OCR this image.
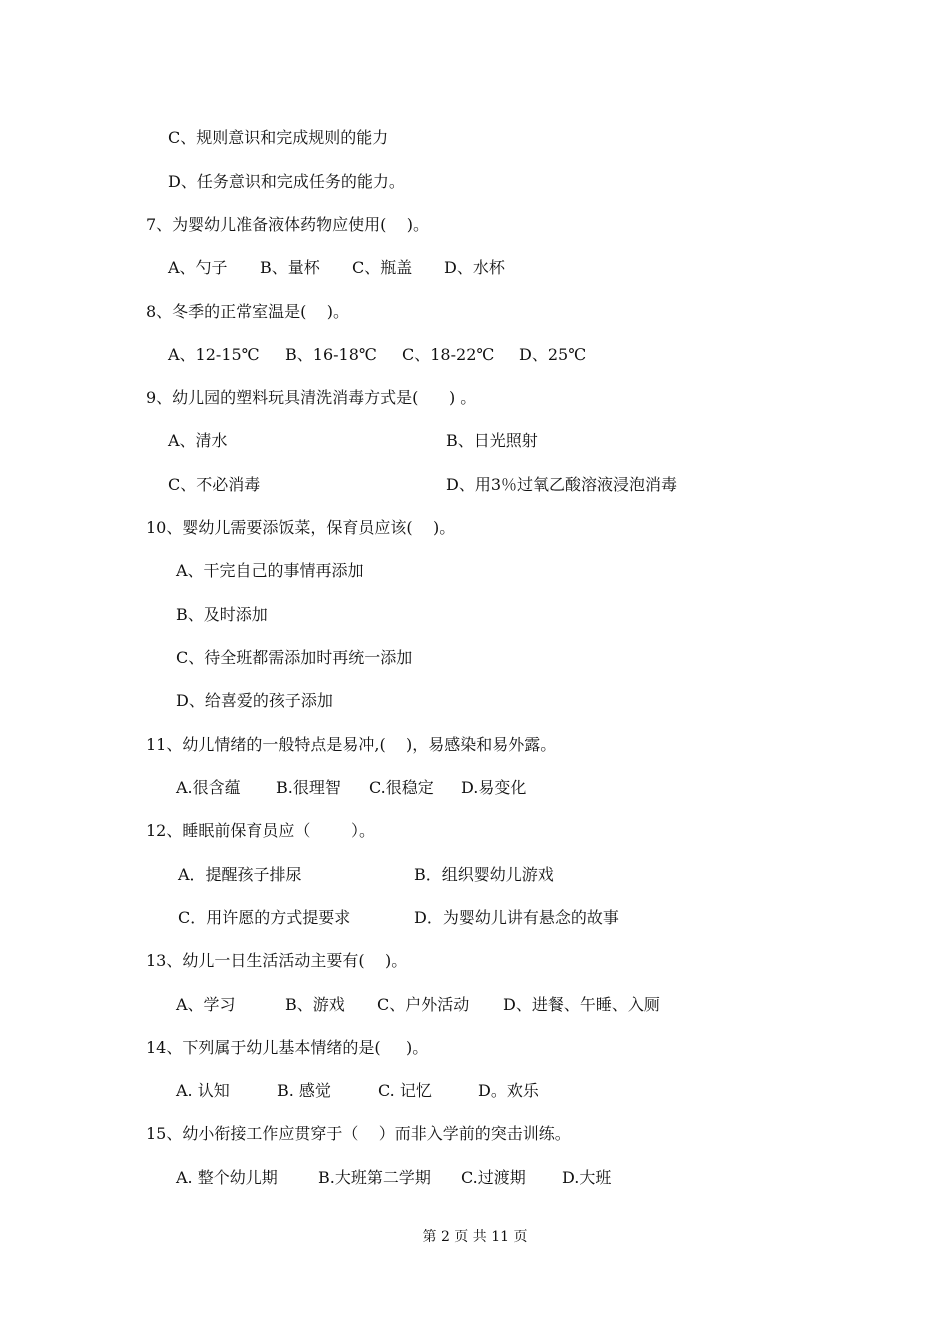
C、规则意识和完成规则的能力
D、任务意识和完成任务的能力。
7、为婴幼儿准备液体药物应使用(    )。

A、勺子

B、量杯

C、瓶盖

D、水杯

8、冬季的正常室温是(    )。

A、12-15℃

B、16-18℃

C、18-22℃

D、25℃

9、幼儿园的塑料玩具清洗消毒方式是(      ) 。
A、清水	B、日光照射
C、不必消毒	D、用3％过氧乙酸溶液浸泡消毒
10、婴幼儿需要添饭菜，保育员应该(    )。
A、干完自己的事情再添加
B、及时添加
C、待全班都需添加时再统一添加
D、给喜爱的孩子添加
11、幼儿情绪的一般特点是易冲,(    )，易感染和易外露。

A.很含蕴

B.很理智

C.很稳定

D.易变化

12、睡眠前保育员应（        ）。
A．提醒孩子排尿	B．组织婴幼儿游戏
C．用许愿的方式提要求	D．为婴幼儿讲有悬念的故事
13、幼儿一日生活活动主要有(    )。

A、学习

	B、游戏

C、户外活动

D、进餐、午睡、入厕

14、下列属于幼儿基本情绪的是(     )。

A. 认知

	B. 感觉

	C. 记忆

	D。欢乐

15、幼小衔接工作应贯穿于（    ）而非入学前的突击训练。

A. 整个幼儿期

	B.大班第二学期

C.过渡期

D.大班

第 2 页 共 11 页
